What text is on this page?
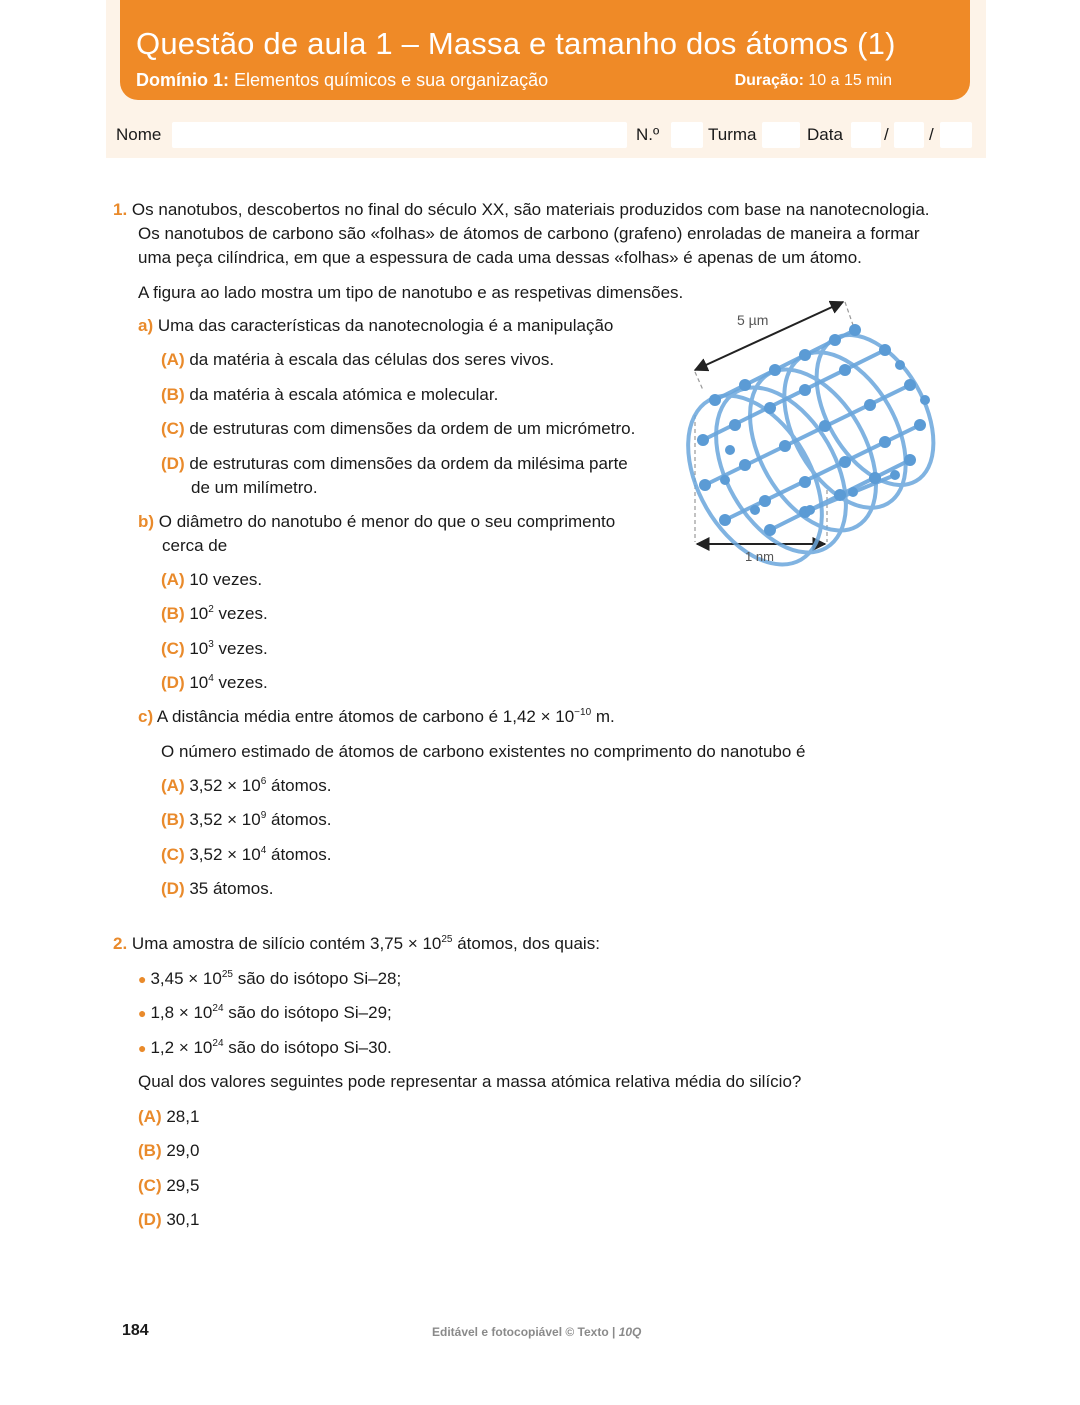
Questão de aula 1 – Massa e tamanho dos átomos (1)
Domínio 1: Elementos químicos e sua organização	Duração: 10 a 15 min
Nome	N.º	Turma	Data / /
1. Os nanotubos, descobertos no final do século XX, são materiais produzidos com base na nanotecnologia.
Os nanotubos de carbono são «folhas» de átomos de carbono (grafeno) enroladas de maneira a formar
uma peça cilíndrica, em que a espessura de cada uma dessas «folhas» é apenas de um átomo.
A figura ao lado mostra um tipo de nanotubo e as respetivas dimensões.
a) Uma das características da nanotecnologia é a manipulação
(A) da matéria à escala das células dos seres vivos.
(B) da matéria à escala atómica e molecular.
(C) de estruturas com dimensões da ordem de um micrómetro.
(D) de estruturas com dimensões da ordem da milésima parte
de um milímetro.
b) O diâmetro do nanotubo é menor do que o seu comprimento
cerca de
(A) 10 vezes.
(B) $10^2$ vezes.
(C) $10^3$ vezes.
(D) $10^4$ vezes.
c) A distância média entre átomos de carbono é $1,42 \times 10^{-10}$ m.
O número estimado de átomos de carbono existentes no comprimento do nanotubo é
(A) $3,52 \times 10^6$ átomos.
(B) $3,52 \times 10^9$ átomos.
(C) $3,52 \times 10^4$ átomos.
(D) 35 átomos.
5 µm
1 nm
2. Uma amostra de silício contém $3,75 \times 10^{25}$ átomos, dos quais:
● $3,45 \times 10^{25}$ são do isótopo Si–28;
● $1,8 \times 10^{24}$ são do isótopo Si–29;
● $1,2 \times 10^{24}$ são do isótopo Si–30.
Qual dos valores seguintes pode representar a massa atómica relativa média do silício?
(A) 28,1
(B) 29,0
(C) 29,5
(D) 30,1
184	Editável e fotocopiável © Texto | 10Q
